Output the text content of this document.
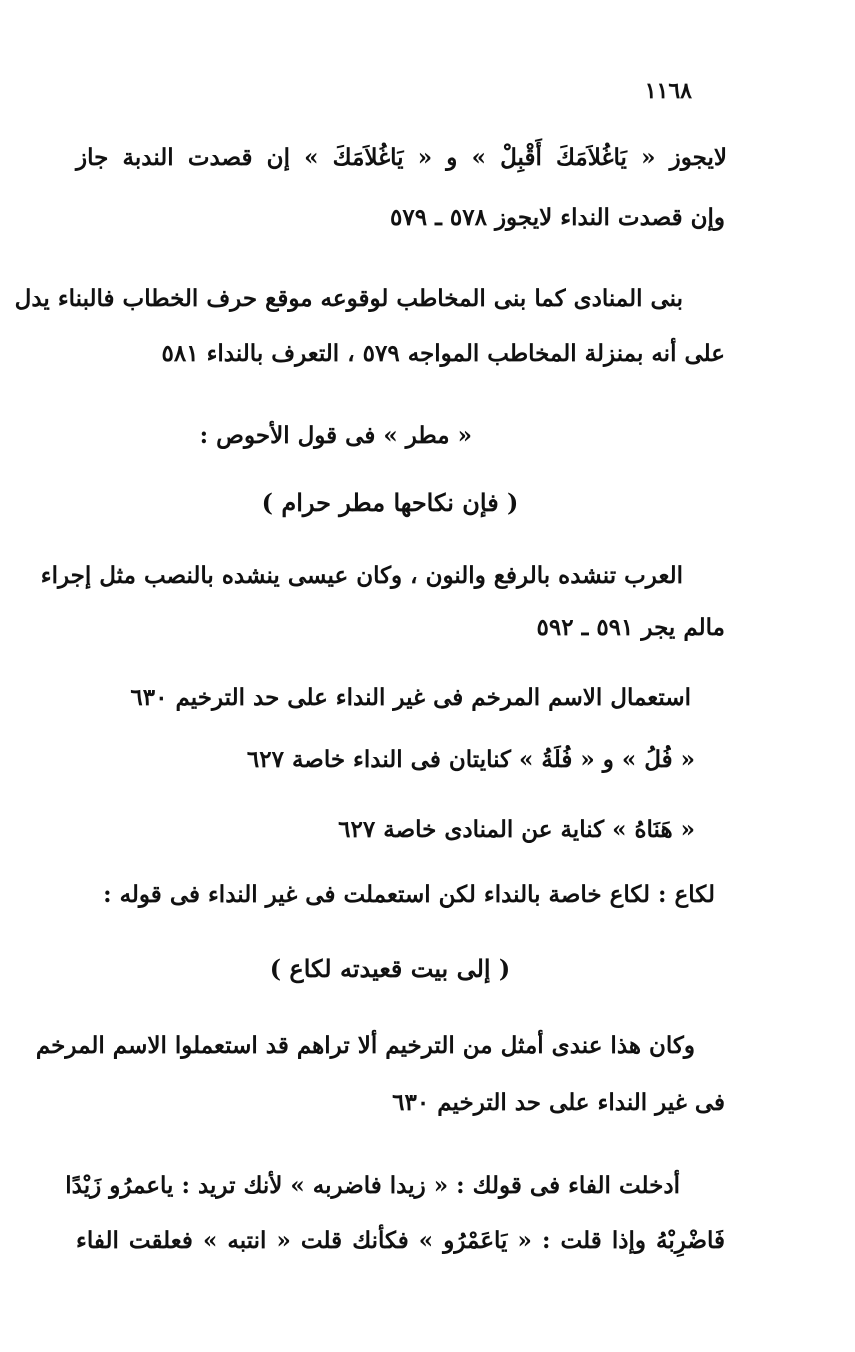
١١٦٨
لايجوز « يَاغُلاَمَكَ أَقْبِلْ » و « يَاغُلاَمَكَ » إن قصدت الندبة جاز
وإن قصدت النداء لايجوز ٥٧٨ ـ ٥٧٩
بنى المنادى كما بنى المخاطب لوقوعه موقع حرف الخطاب فالبناء يدل
على أنه بمنزلة المخاطب المواجه ٥٧٩ ، التعرف بالنداء ٥٨١
« مطر » فى قول الأحوص :
( فإن نكاحها مطر حرام )
العرب تنشده بالرفع والنون ، وكان عيسى ينشده بالنصب مثل إجراء
مالم يجر ٥٩١ ـ ٥٩٢
استعمال الاسم المرخم فى غير النداء على حد الترخيم ٦٣٠
« فُلُ » و « فُلَةُ » كنايتان فى النداء خاصة ٦٢٧
« هَنَاهُ » كناية عن المنادى خاصة ٦٢٧
لكاع : لكاع خاصة بالنداء لكن استعملت فى غير النداء فى قوله :
( إلى بيت قعيدته لكاع )
وكان هذا عندى أمثل من الترخيم ألا تراهم قد استعملوا الاسم المرخم
فى غير النداء على حد الترخيم ٦٣٠
أدخلت الفاء فى قولك : « زيدا فاضربه » لأنك تريد : ياعمرُو زَيْدًا
فَاضْرِبْهُ وإذا قلت : « يَاعَمْرُو » فكأنك قلت « انتبه » فعلقت الفاء
